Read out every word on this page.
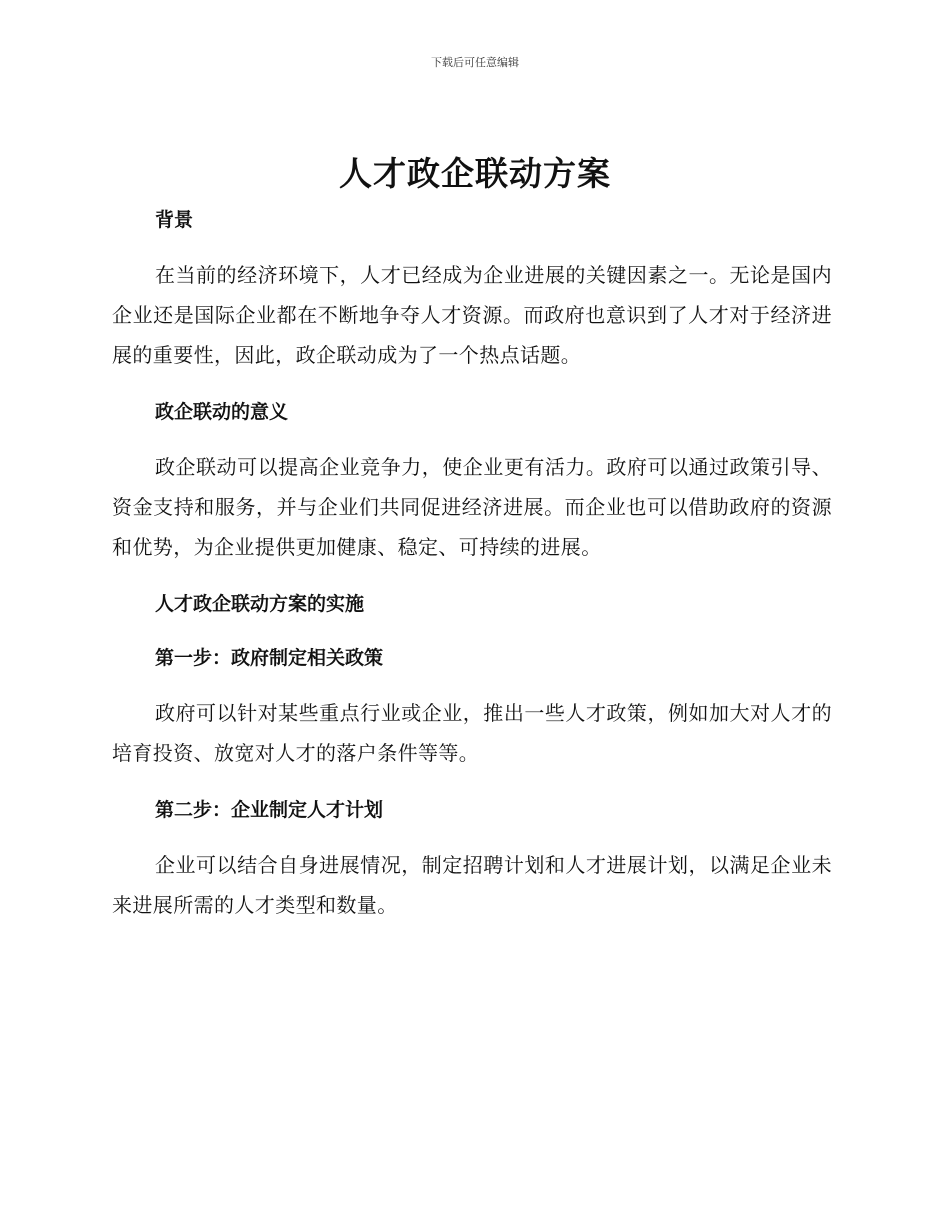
下载后可任意编辑
人才政企联动方案

背景

在当前的经济环境下，人才已经成为企业进展的关键因素之一。无论是国内企业还是国际企业都在不断地争夺人才资源。而政府也意识到了人才对于经济进展的重要性，因此，政企联动成为了一个热点话题。

政企联动的意义

政企联动可以提高企业竞争力，使企业更有活力。政府可以通过政策引导、资金支持和服务，并与企业们共同促进经济进展。而企业也可以借助政府的资源和优势，为企业提供更加健康、稳定、可持续的进展。

人才政企联动方案的实施

第一步：政府制定相关政策

政府可以针对某些重点行业或企业，推出一些人才政策，例如加大对人才的培育投资、放宽对人才的落户条件等等。

第二步：企业制定人才计划

企业可以结合自身进展情况，制定招聘计划和人才进展计划，以满足企业未来进展所需的人才类型和数量。
